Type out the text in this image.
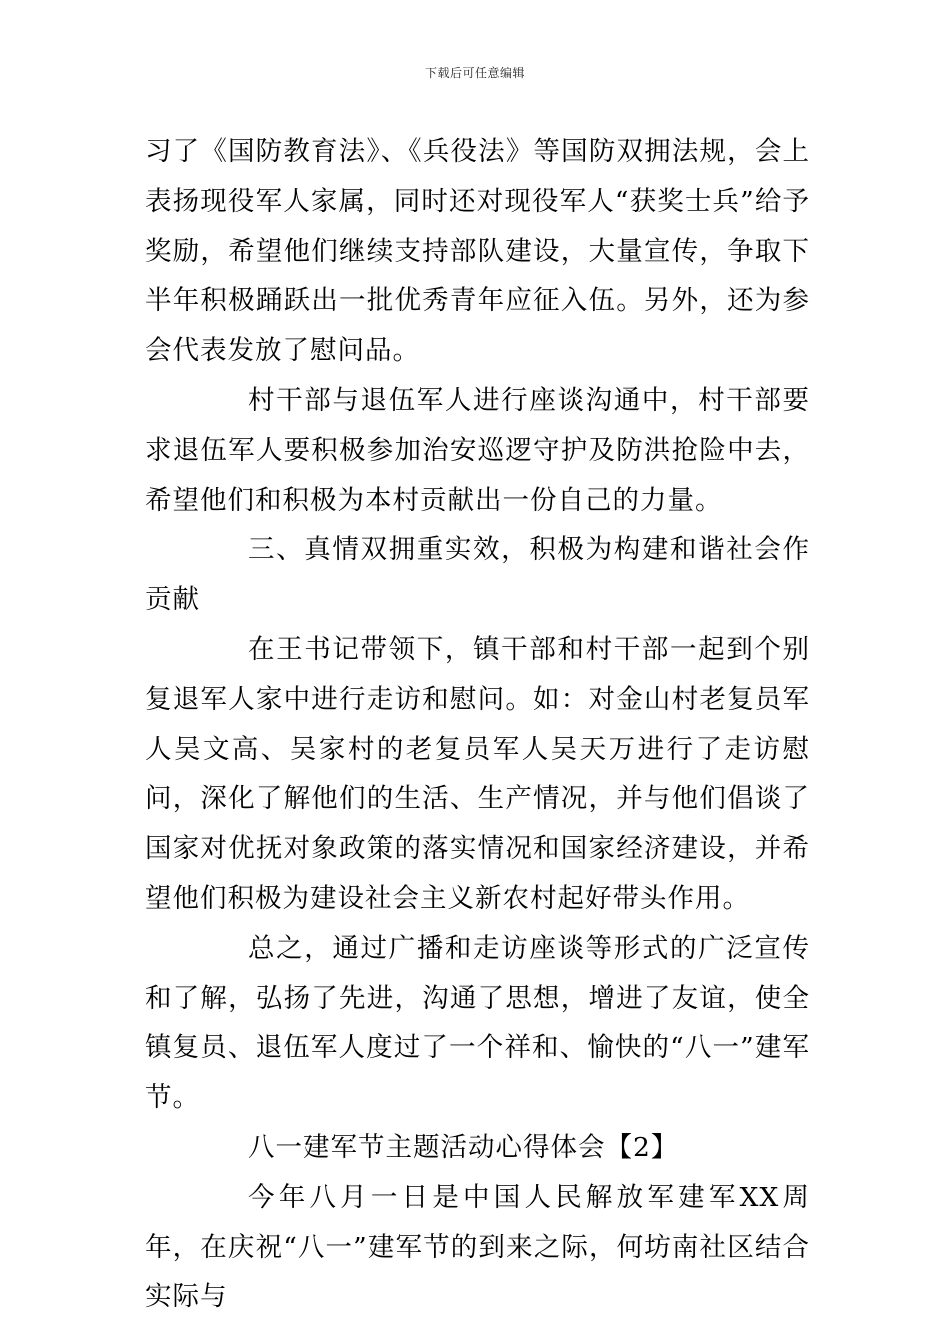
下载后可任意编辑

习了《国防教育法》、《兵役法》等国防双拥法规，会上表扬现役军人家属，同时还对现役军人“获奖士兵”给予奖励，希望他们继续支持部队建设，大量宣传，争取下半年积极踊跃出一批优秀青年应征入伍。另外，还为参会代表发放了慰问品。

村干部与退伍军人进行座谈沟通中，村干部要求退伍军人要积极参加治安巡逻守护及防洪抢险中去，希望他们和积极为本村贡献出一份自己的力量。

三、真情双拥重实效，积极为构建和谐社会作贡献

在王书记带领下，镇干部和村干部一起到个别复退军人家中进行走访和慰问。如：对金山村老复员军人吴文高、吴家村的老复员军人吴天万进行了走访慰问，深化了解他们的生活、生产情况，并与他们倡谈了国家对优抚对象政策的落实情况和国家经济建设，并希望他们积极为建设社会主义新农村起好带头作用。

总之，通过广播和走访座谈等形式的广泛宣传和了解，弘扬了先进，沟通了思想，增进了友谊，使全镇复员、退伍军人度过了一个祥和、愉快的“八一”建军节。

八一建军节主题活动心得体会【2】

今年八月一日是中国人民解放军建军XX周年，在庆祝“八一”建军节的到来之际，何坊南社区结合实际与
